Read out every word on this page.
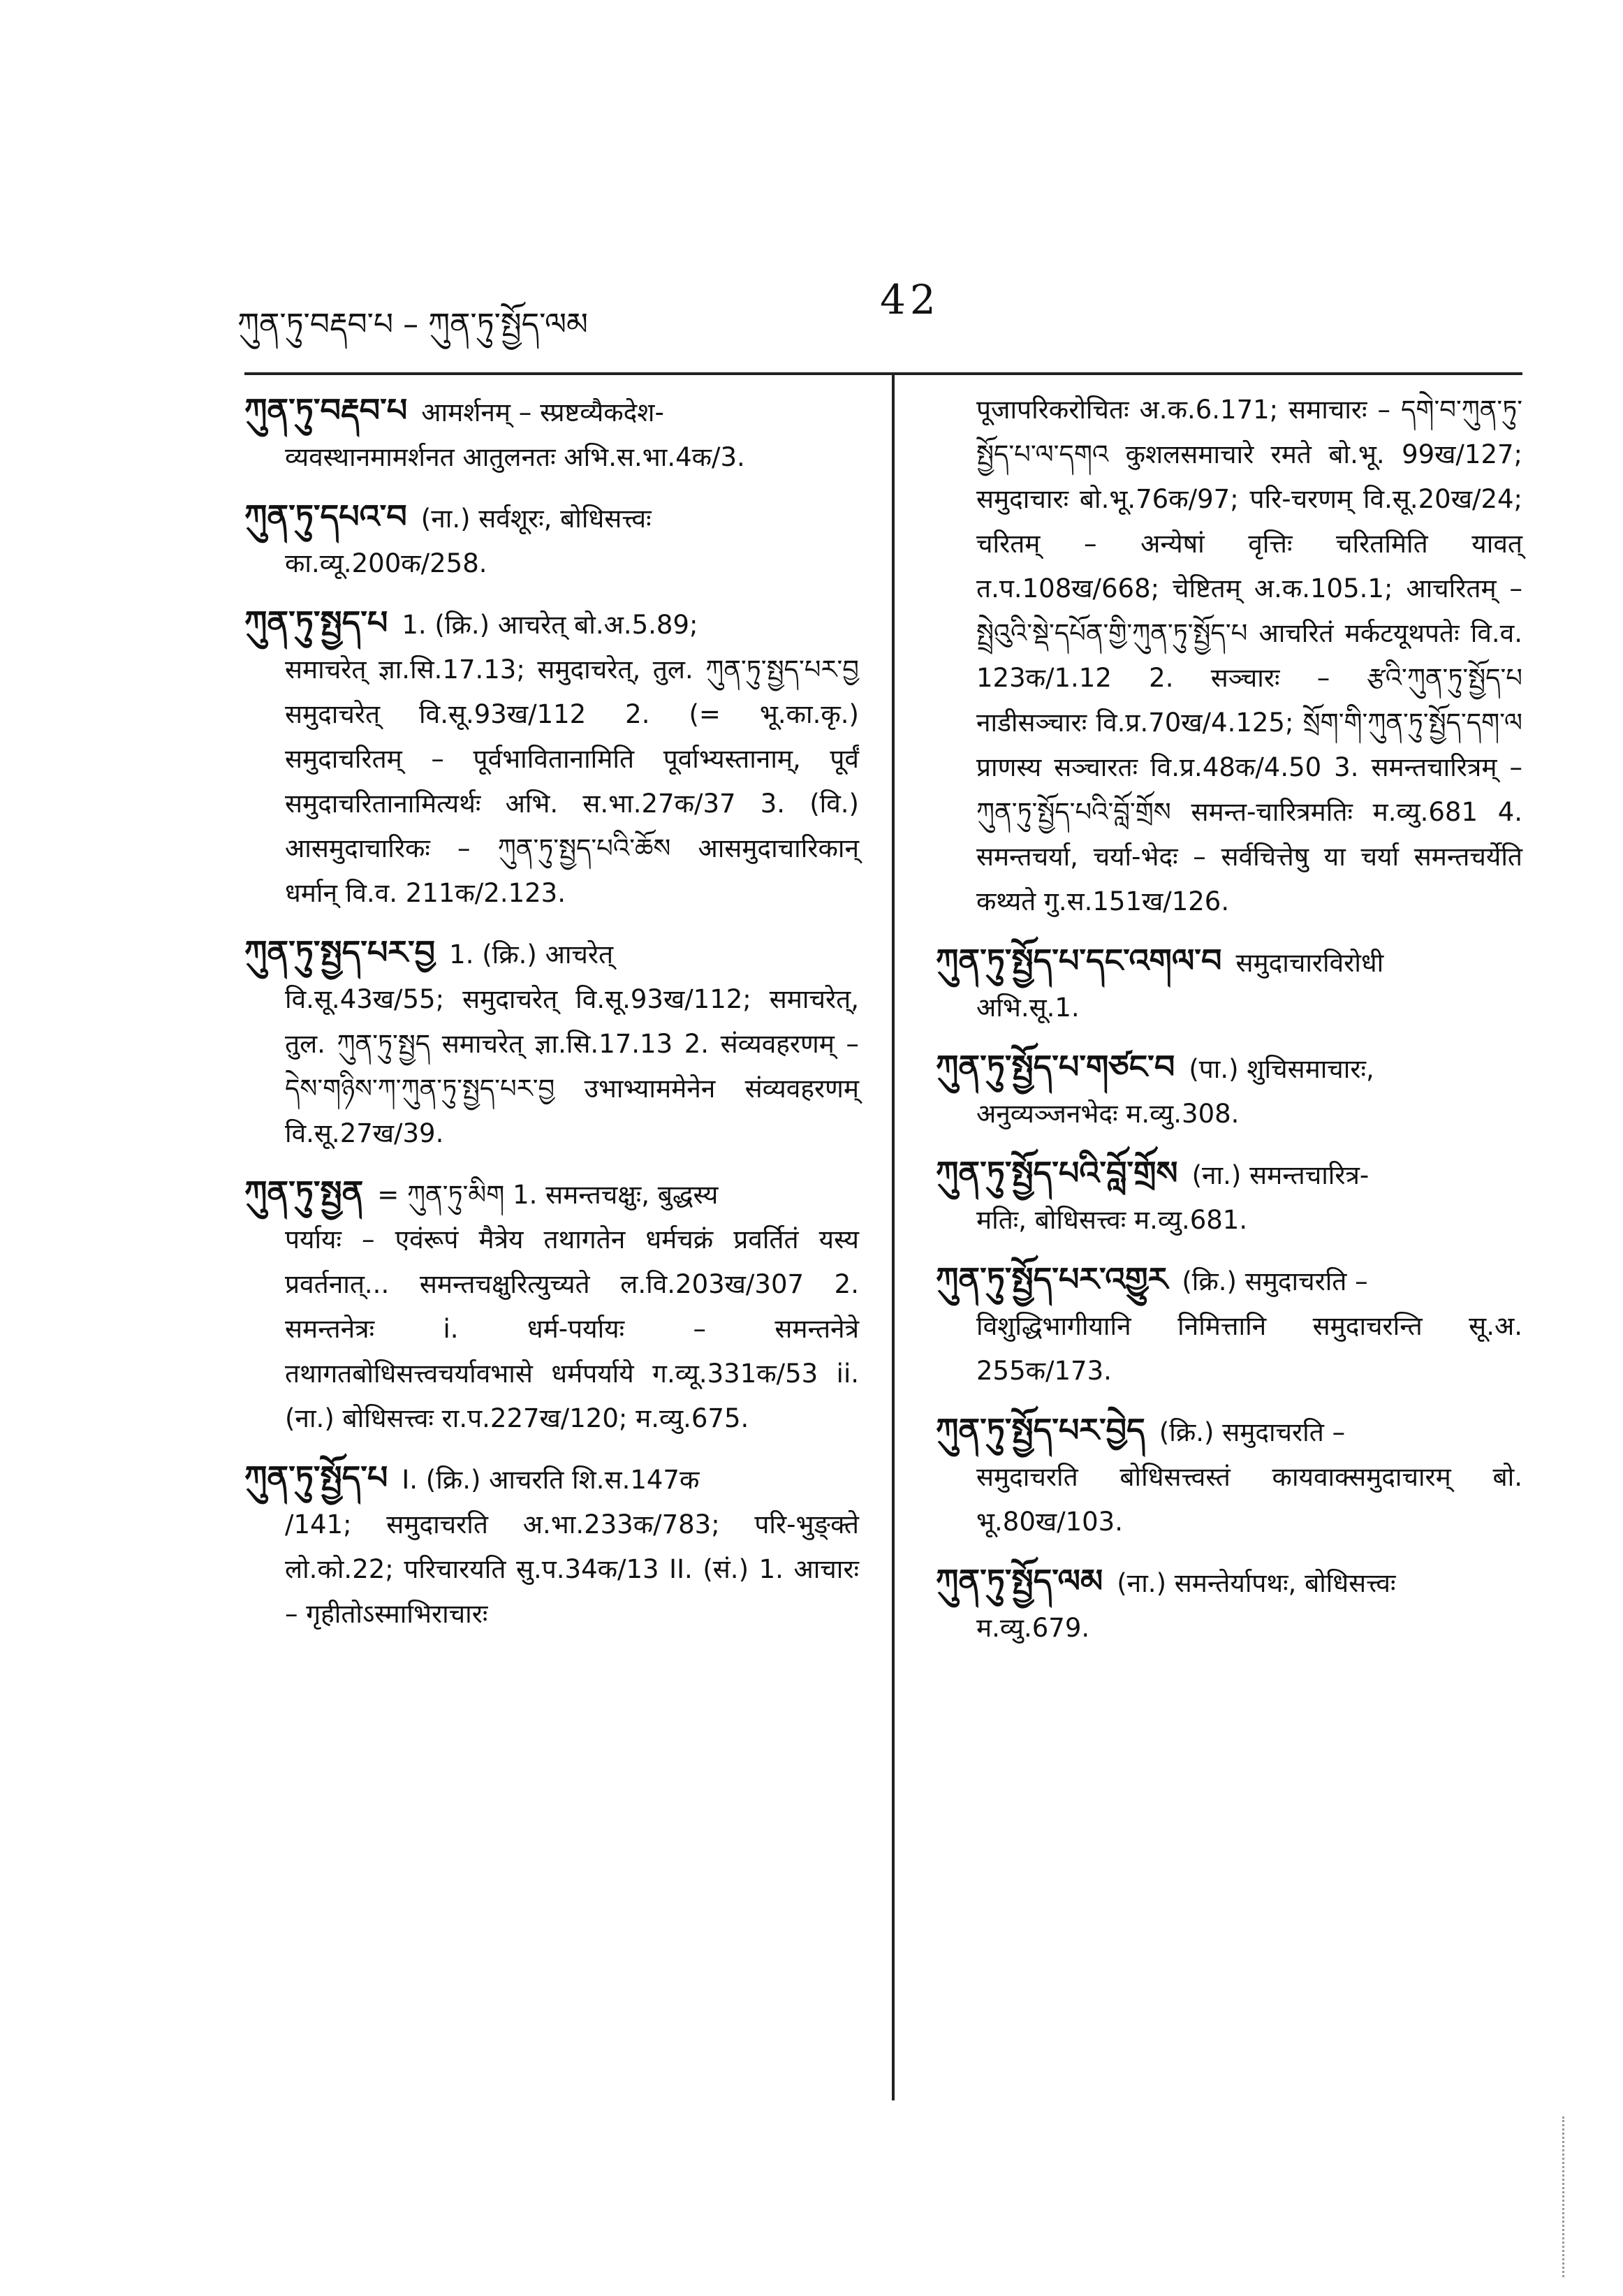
ཀུན་ཏུ་བརྡབ་པ – ཀུན་ཏུ་སྤྱོད་ལམ
42

ཀུན་ཏུ་བརྡབ་པ आमर्शनम् – स्प्रष्टव्यैकदेश-

व्यवस्थानमामर्शनत आतुलनतः अभि.स.भा.4क/3.

ཀུན་ཏུ་དཔའ་བ (ना.) सर्वशूरः, बोधिसत्त्वः

का.व्यू.200क/258.

ཀུན་ཏུ་སྤྱད་པ 1. (क्रि.) आचरेत् बो.अ.5.89;

समाचरेत् ज्ञा.सि.17.13; समुदाचरेत्, तुल. ཀུན་ཏུ་སྤྱད་པར་བྱ समुदाचरेत् वि.सू.93ख/112 2. (= भू.का.कृ.) समुदाचरितम् – पूर्वभावितानामिति पूर्वाभ्यस्तानाम्, पूर्वं समुदाचरितानामित्यर्थः अभि. स.भा.27क/37 3. (वि.) आसमुदाचारिकः – ཀུན་ཏུ་སྤྱད་པའི་ཆོས आसमुदाचारिकान् धर्मान् वि.व. 211क/2.123.

ཀུན་ཏུ་སྤྱད་པར་བྱ 1. (क्रि.) आचरेत्

वि.सू.43ख/55; समुदाचरेत् वि.सू.93ख/112; समाचरेत्, तुल. ཀུན་ཏུ་སྤྱད समाचरेत् ज्ञा.सि.17.13 2. संव्यवहरणम् – དེས་གཉིས་ཀ་ཀུན་ཏུ་སྤྱད་པར་བྱ उभाभ्याममेनेन संव्यवहरणम् वि.सू.27ख/39.

ཀུན་ཏུ་སྤྱན = ཀུན་ཏུ་མིག 1. समन्तचक्षुः, बुद्धस्य

पर्यायः – एवंरूपं मैत्रेय तथागतेन धर्मचक्रं प्रवर्तितं यस्य प्रवर्तनात्... समन्तचक्षुरित्युच्यते ल.वि.203ख/307 2. समन्तनेत्रः i. धर्म-पर्यायः – समन्तनेत्रे तथागतबोधिसत्त्वचर्यावभासे धर्मपर्याये ग.व्यू.331क/53 ii. (ना.) बोधिसत्त्वः रा.प.227ख/120; म.व्यु.675.

ཀུན་ཏུ་སྤྱོད་པ I. (क्रि.) आचरति शि.स.147क

/141; समुदाचरति अ.भा.233क/783; परि-भुङ्क्ते लो.को.22; परिचारयति सु.प.34क/13 II. (सं.) 1. आचारः – गृहीतोऽस्माभिराचारः

पूजापरिकरोचितः अ.क.6.171; समाचारः – དགེ་བ་ཀུན་ཏུ་སྤྱོད་པ་ལ་དགའ कुशलसमाचारे रमते बो.भू. 99ख/127; समुदाचारः बो.भू.76क/97; परि-चरणम् वि.सू.20ख/24; चरितम् – अन्येषां वृत्तिः चरितमिति यावत् त.प.108ख/668; चेष्टितम् अ.क.105.1; आचरितम् – སྤྲེའུའི་སྡེ་དཔོན་གྱི་ཀུན་ཏུ་སྤྱོད་པ आचरितं मर्कटयूथपतेः वि.व. 123क/1.12 2. सञ्चारः – རྩའི་ཀུན་ཏུ་སྤྱོད་པ नाडीसञ्चारः वि.प्र.70ख/4.125; སྲོག་གི་ཀུན་ཏུ་སྤྱོད་དག་ལ प्राणस्य सञ्चारतः वि.प्र.48क/4.50 3. समन्तचारित्रम् – ཀུན་ཏུ་སྤྱོད་པའི་བློ་གྲོས समन्त-चारित्रमतिः म.व्यु.681 4. समन्तचर्या, चर्या-भेदः – सर्वचित्तेषु या चर्या समन्तचर्येति कथ्यते गु.स.151ख/126.

ཀུན་ཏུ་སྤྱོད་པ་དང་འགལ་བ समुदाचारविरोधी

अभि.सू.1.

ཀུན་ཏུ་སྤྱོད་པ་གཙང་བ (पा.) शुचिसमाचारः,

अनुव्यञ्जनभेदः म.व्यु.308.

ཀུན་ཏུ་སྤྱོད་པའི་བློ་གྲོས (ना.) समन्तचारित्र-

मतिः, बोधिसत्त्वः म.व्यु.681.

ཀུན་ཏུ་སྤྱོད་པར་འགྱུར (क्रि.) समुदाचरति –

विशुद्धिभागीयानि निमित्तानि समुदाचरन्ति सू.अ. 255क/173.

ཀུན་ཏུ་སྤྱོད་པར་བྱེད (क्रि.) समुदाचरति –

समुदाचरति बोधिसत्त्वस्तं कायवाक्समुदाचारम् बो. भू.80ख/103.

ཀུན་ཏུ་སྤྱོད་ལམ (ना.) समन्तेर्यापथः, बोधिसत्त्वः

म.व्यु.679.
